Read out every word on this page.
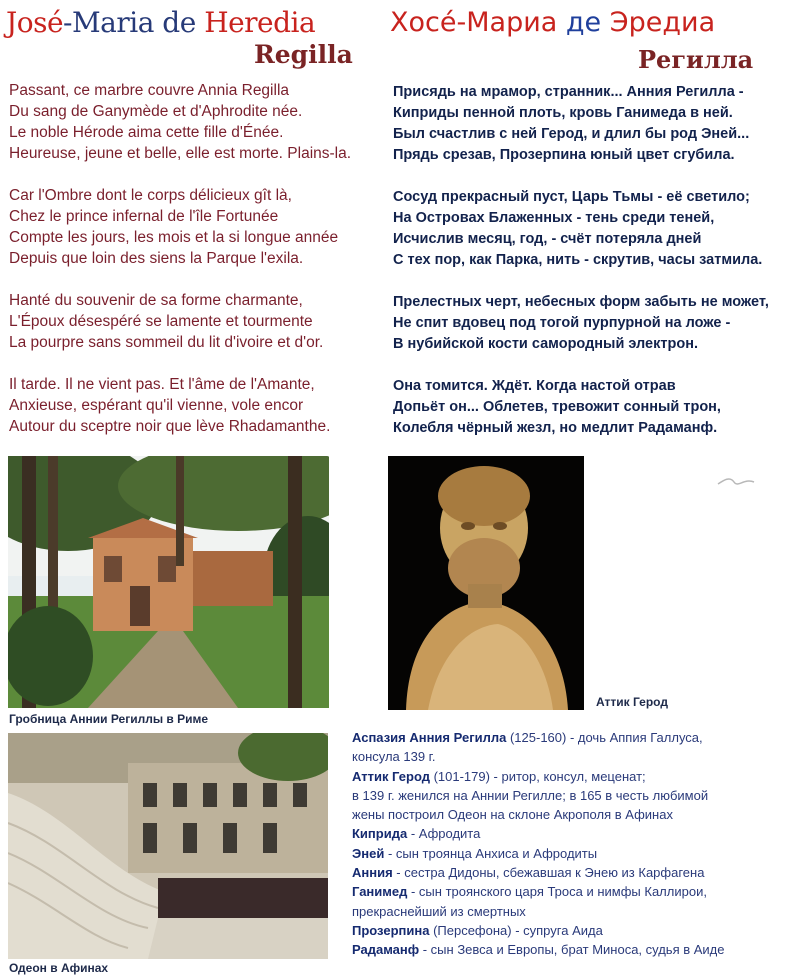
José-Maria de Heredia	Хосé-Мариа де Эредиа
Regilla	Регилла
Passant, ce marbre couvre Annia Regilla
Du sang de Ganymède et d'Aphrodite née.
Le noble Hérode aima cette fille d'Énée.
Heureuse, jeune et belle, elle est morte. Plains-la.
Car l'Ombre dont le corps délicieux gît là,
Chez le prince infernal de l'île Fortunée
Compte les jours, les mois et la si longue année
Depuis que loin des siens la Parque l'exila.
Hanté du souvenir de sa forme charmante,
L'Époux désespéré se lamente et tourmente
La pourpre sans sommeil du lit d'ivoire et d'or.
Il tarde. Il ne vient pas. Et l'âme de l'Amante,
Anxieuse, espérant qu'il vienne, vole encor
Autour du sceptre noir que lève Rhadamanthe.
Присядь на мрамор, странник... Анния Регилла -
Киприды пенной плоть, кровь Ганимеда в ней.
Был счастлив с ней Герод, и длил бы род Эней...
Прядь срезав, Прозерпина юный цвет сгубила.
Сосуд прекрасный пуст, Царь Тьмы - её светило;
На Островах Блаженных - тень среди теней,
Исчислив месяц, год, - счёт потеряла дней
С тех пор, как Парка, нить - скрутив, часы затмила.
Прелестных черт, небесных форм забыть не может,
Не спит вдовец под тогой пурпурной на ложе -
В нубийской кости самородный электрон.
Она томится. Ждёт. Когда настой отрав
Допьёт он... Облетев, тревожит сонный трон,
Колебля чёрный жезл, но медлит Радаманф.
Гробница Аннии Региллы в Риме
Аттик Герод
Одеон в Афинах
Аспазия Анния Регилла (125-160) - дочь Аппия Галлуса,
консула 139 г.
Аттик Герод (101-179) - ритор, консул, меценат;
в 139 г. женился на Аннии Регилле; в 165 в честь любимой
жены построил Одеон на склоне Акрополя в Афинах
Киприда - Афродита
Эней - сын троянца Анхиса и Афродиты
Анния - сестра Дидоны, сбежавшая к Энею из Карфагена
Ганимед - сын троянского царя Троса и нимфы Каллирои,
прекраснейший из смертных
Прозерпина (Персефона) - супруга Аида
Радаманф - сын Зевса и Европы, брат Миноса, судья в Аиде
